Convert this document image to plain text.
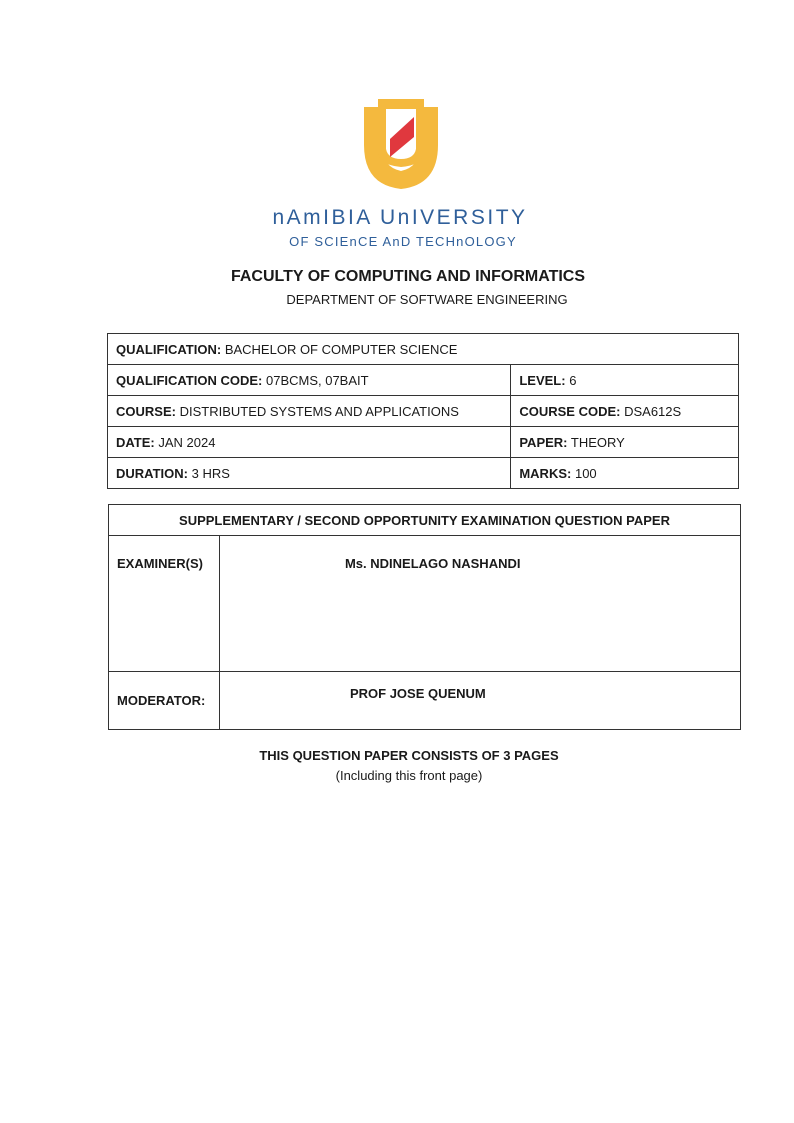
nAmIBIA UnIVERSITY
OF SCIEnCE AnD TECHnOLOGY
FACULTY OF COMPUTING AND INFORMATICS
DEPARTMENT OF SOFTWARE ENGINEERING
QUALIFICATION: BACHELOR OF COMPUTER SCIENCE	
QUALIFICATION CODE: 07BCMS, 07BAIT	LEVEL: 6
COURSE: DISTRIBUTED SYSTEMS AND APPLICATIONS	COURSE CODE: DSA612S
DATE: JAN 2024	PAPER: THEORY
DURATION: 3 HRS	MARKS: 100
SUPPLEMENTARY / SECOND OPPORTUNITY EXAMINATION QUESTION PAPER	
EXAMINER(S)	Ms. NDINELAGO NASHANDI
MODERATOR:	PROF JOSE QUENUM
THIS QUESTION PAPER CONSISTS OF 3 PAGES
(Including this front page)
